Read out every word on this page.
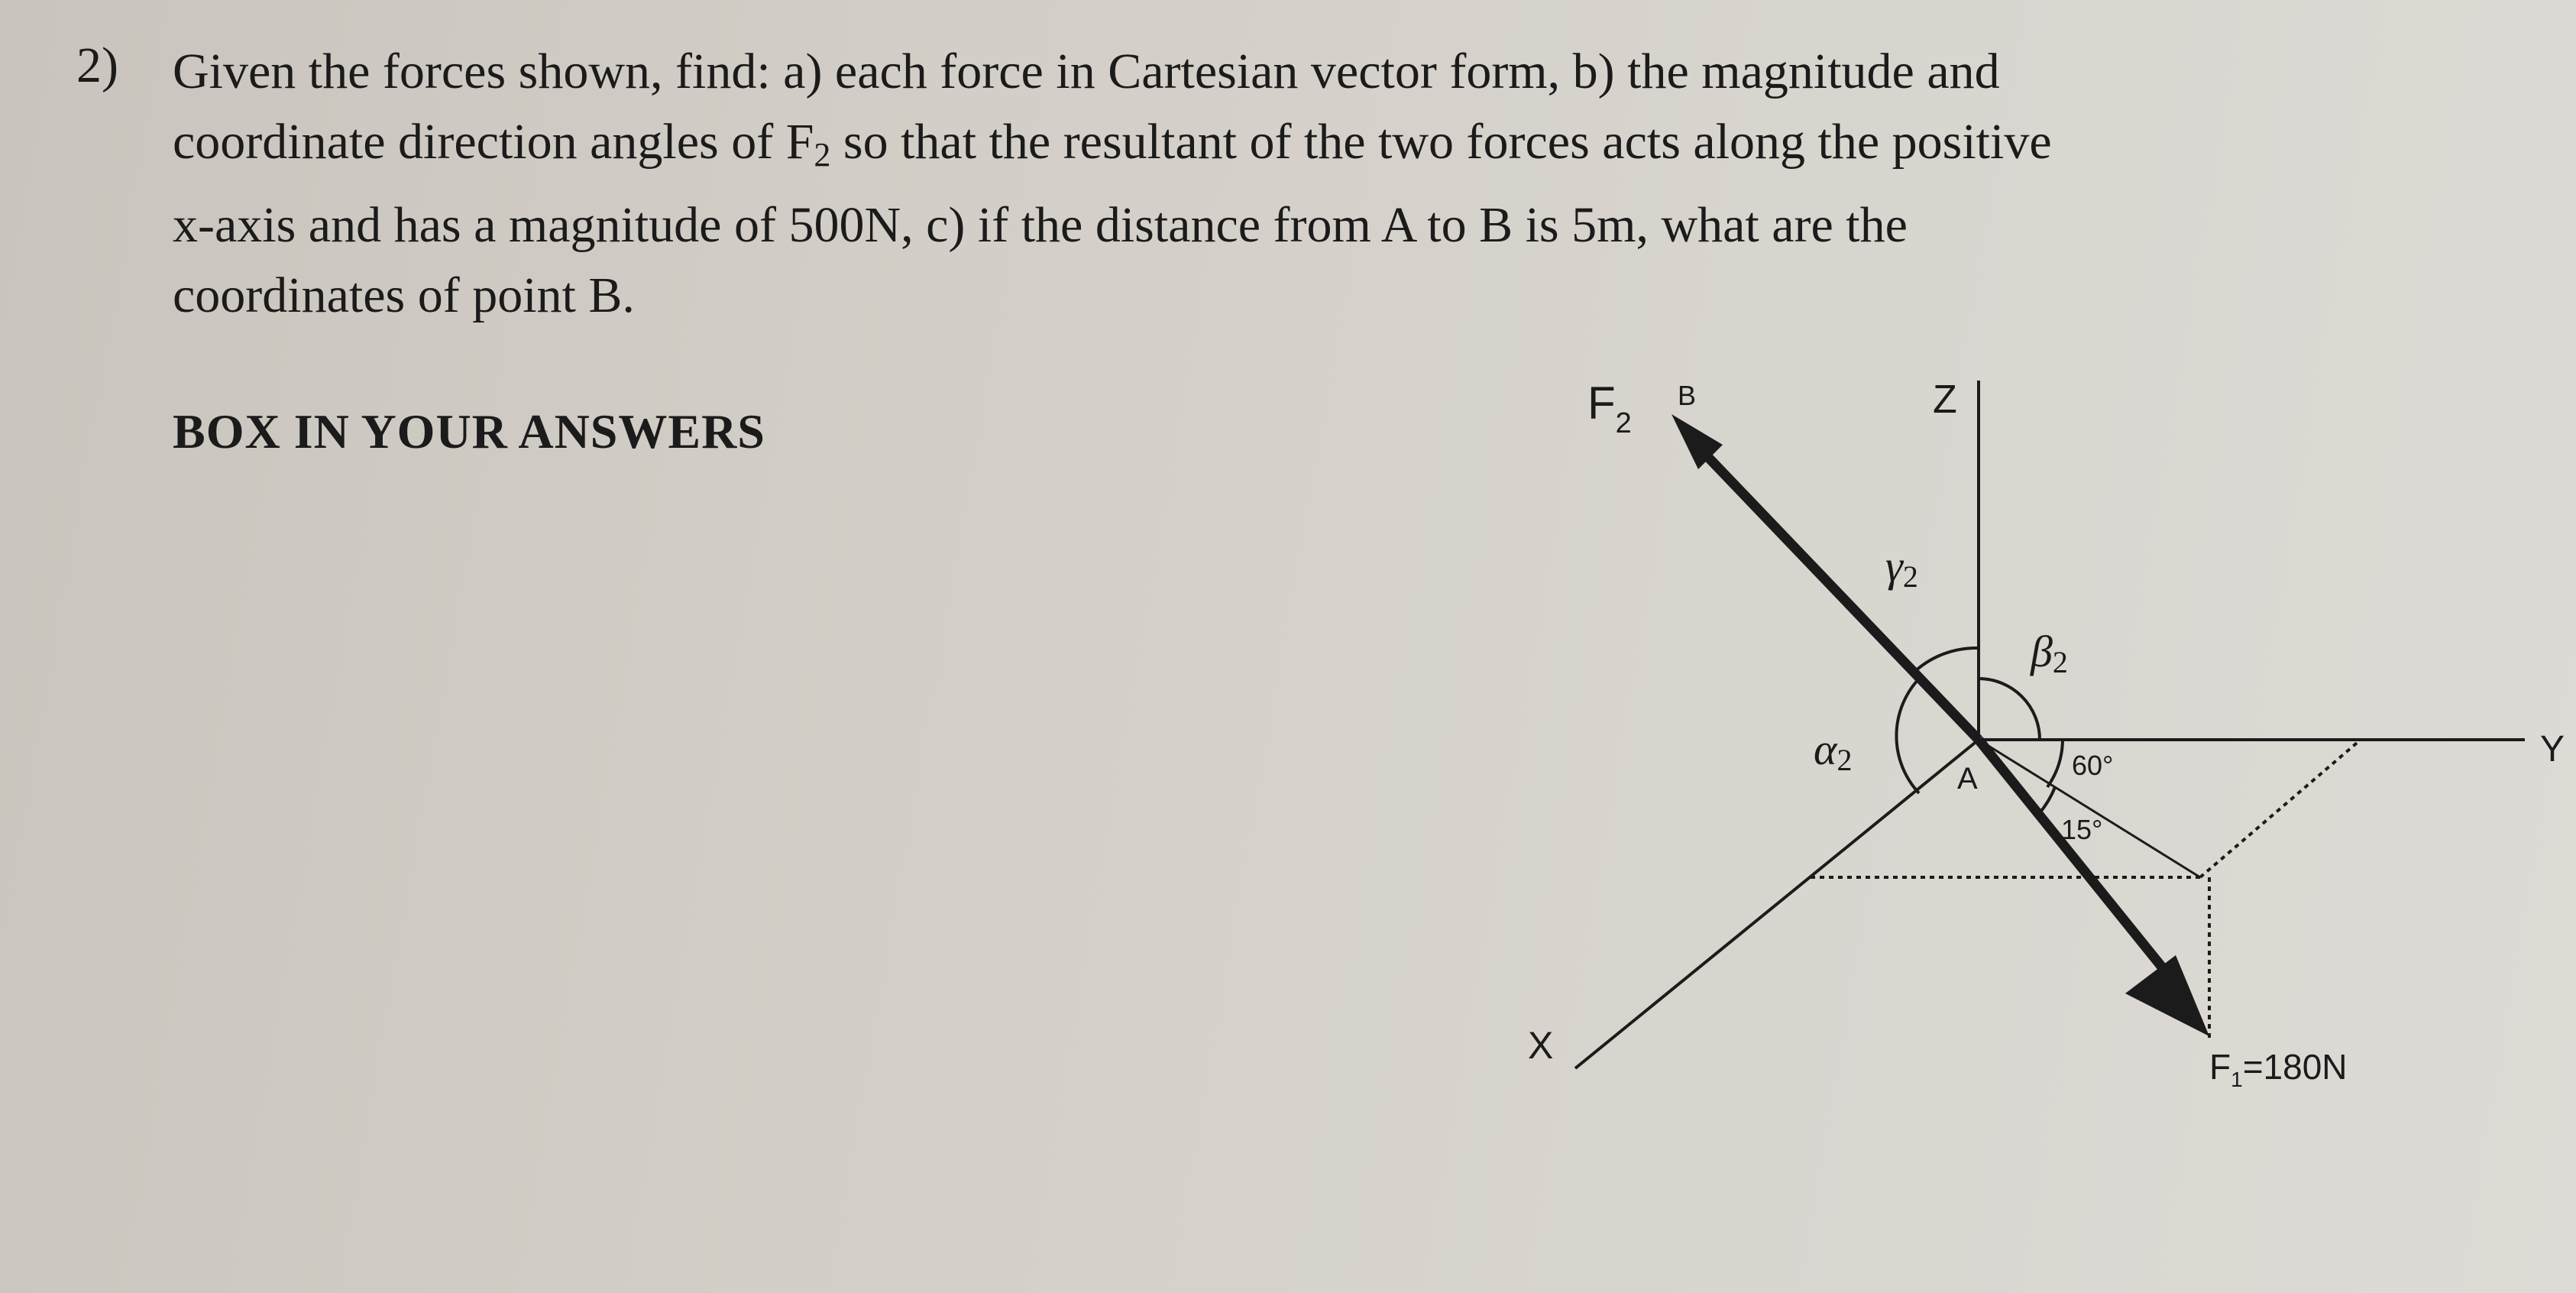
2) Given the forces shown, find: a) each force in Cartesian vector form, b) the magnitude and
coordinate direction angles of $F_2$ so that the resultant of the two forces acts along the positive
x-axis and has a magnitude of 500N, c) if the distance from A to B is 5m, what are the
coordinates of point B.
BOX IN YOUR ANSWERS
Z
Y
X
$F_2$
B
A
γ2
β2
α2	60°
15°
$F_1=180N$
